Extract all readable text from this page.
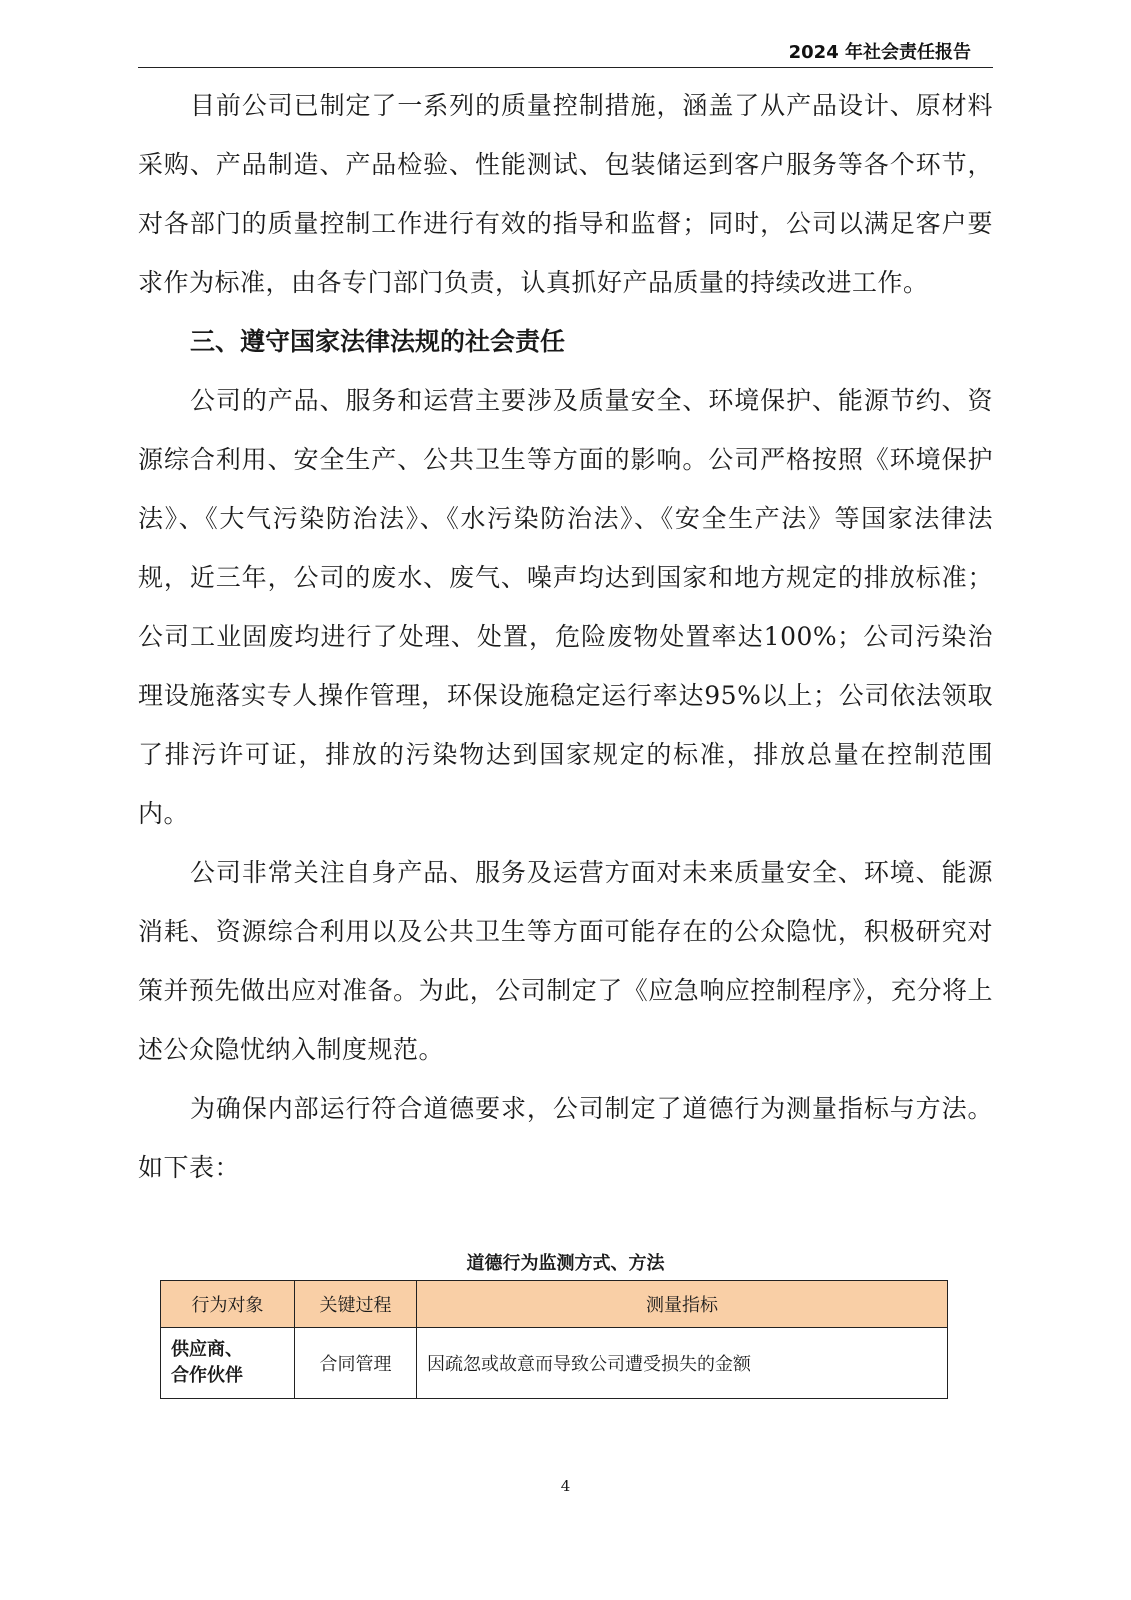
2024 年社会责任报告

目前公司已制定了一系列的质量控制措施，涵盖了从产品设计、原材料采购、产品制造、产品检验、性能测试、包装储运到客户服务等各个环节，对各部门的质量控制工作进行有效的指导和监督；同时，公司以满足客户要求作为标准，由各专门部门负责，认真抓好产品质量的持续改进工作。

三、遵守国家法律法规的社会责任

公司的产品、服务和运营主要涉及质量安全、环境保护、能源节约、资源综合利用、安全生产、公共卫生等方面的影响。公司严格按照《环境保护法》、《大气污染防治法》、《水污染防治法》、《安全生产法》等国家法律法规，近三年，公司的废水、废气、噪声均达到国家和地方规定的排放标准；公司工业固废均进行了处理、处置，危险废物处置率达100%；公司污染治理设施落实专人操作管理，环保设施稳定运行率达95%以上；公司依法领取了排污许可证，排放的污染物达到国家规定的标准，排放总量在控制范围内。

公司非常关注自身产品、服务及运营方面对未来质量安全、环境、能源消耗、资源综合利用以及公共卫生等方面可能存在的公众隐忧，积极研究对策并预先做出应对准备。为此，公司制定了《应急响应控制程序》，充分将上述公众隐忧纳入制度规范。

为确保内部运行符合道德要求，公司制定了道德行为测量指标与方法。如下表：

道德行为监测方式、方法
行为对象	关键过程	测量指标

供应商、
合作伙伴	合同管理	因疏忽或故意而导致公司遭受损失的金额
4
